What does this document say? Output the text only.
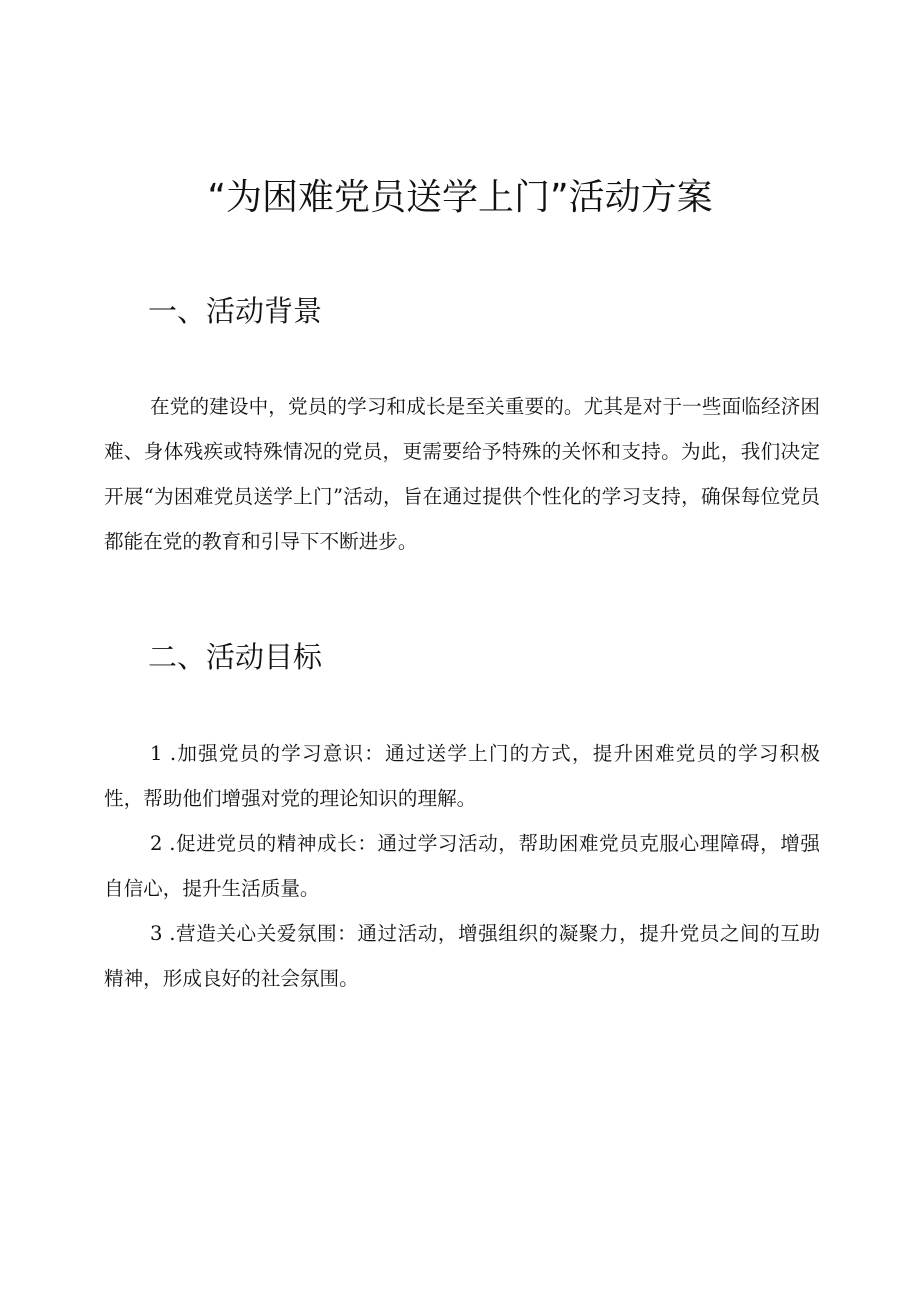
“为困难党员送学上门”活动方案
一、活动背景

在党的建设中，党员的学习和成长是至关重要的。尤其是对于一些面临经济困难、身体残疾或特殊情况的党员，更需要给予特殊的关怀和支持。为此，我们决定开展“为困难党员送学上门”活动，旨在通过提供个性化的学习支持，确保每位党员都能在党的教育和引导下不断进步。

二、活动目标

1 .加强党员的学习意识：通过送学上门的方式，提升困难党员的学习积极性，帮助他们增强对党的理论知识的理解。

2 .促进党员的精神成长：通过学习活动，帮助困难党员克服心理障碍，增强自信心，提升生活质量。

3 .营造关心关爱氛围：通过活动，增强组织的凝聚力，提升党员之间的互助精神，形成良好的社会氛围。
